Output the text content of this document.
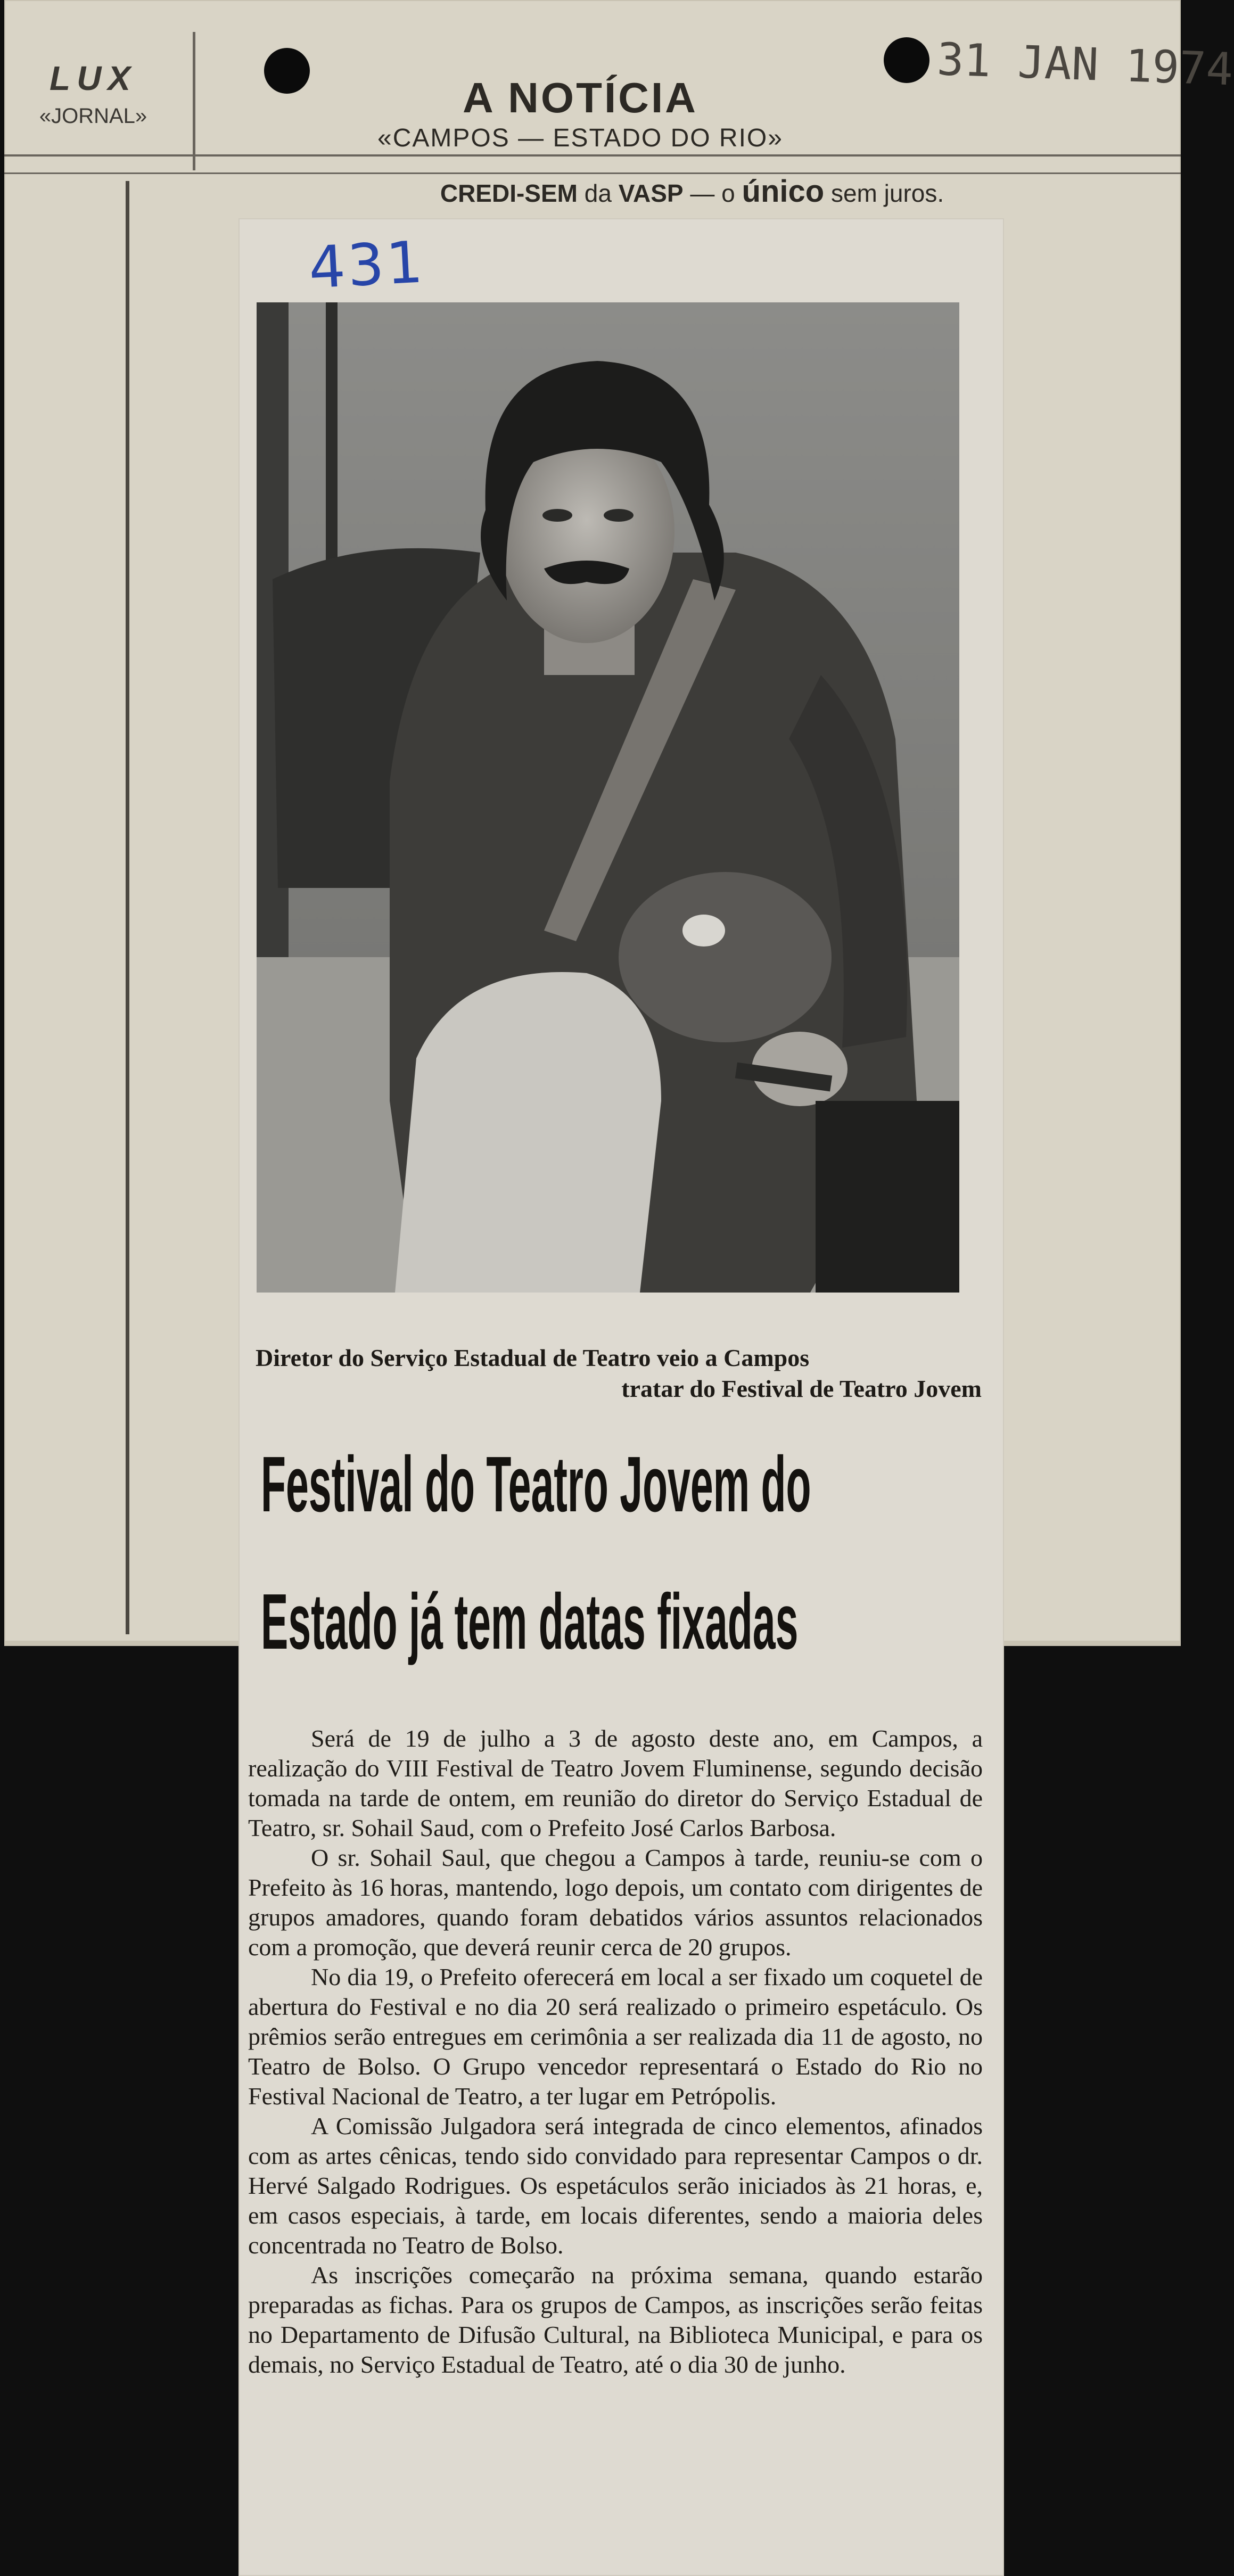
LUX
«JORNAL»	A NOTÍCIA
«CAMPOS — ESTADO DO RIO»
31 JAN 1974
CREDI-SEM da VASP — o único sem juros.
431
Diretor do Serviço Estadual de Teatro veio a Campos
tratar do Festival de Teatro Jovem
Festival do Teatro Jovem do
Estado já tem datas fixadas

Será de 19 de julho a 3 de agosto deste ano, em Campos, a realização do VIII Festival de Teatro Jovem Fluminense, segundo decisão tomada na tarde de ontem, em reunião do diretor do Serviço Estadual de Teatro, sr. Sohail Saud, com o Prefeito José Carlos Barbosa.

O sr. Sohail Saul, que chegou a Campos à tarde, reuniu-se com o Prefeito às 16 horas, mantendo, logo depois, um contato com dirigentes de grupos amadores, quando foram debatidos vários assuntos relacionados com a promoção, que deverá reunir cerca de 20 grupos.

No dia 19, o Prefeito oferecerá em local a ser fixado um coquetel de abertura do Festival e no dia 20 será realizado o primeiro espetáculo. Os prêmios serão entregues em cerimônia a ser realizada dia 11 de agosto, no Teatro de Bolso. O Grupo vencedor representará o Estado do Rio no Festival Nacional de Teatro, a ter lugar em Petrópolis.

A Comissão Julgadora será integrada de cinco elementos, afinados com as artes cênicas, tendo sido convidado para representar Campos o dr. Hervé Salgado Rodrigues. Os espetáculos serão iniciados às 21 horas, e, em casos especiais, à tarde, em locais diferentes, sendo a maioria deles concentrada no Teatro de Bolso.

As inscrições começarão na próxima semana, quando estarão preparadas as fichas. Para os grupos de Campos, as inscrições serão feitas no Departamento de Difusão Cultural, na Biblioteca Municipal, e para os demais, no Serviço Estadual de Teatro, até o dia 30 de junho.
